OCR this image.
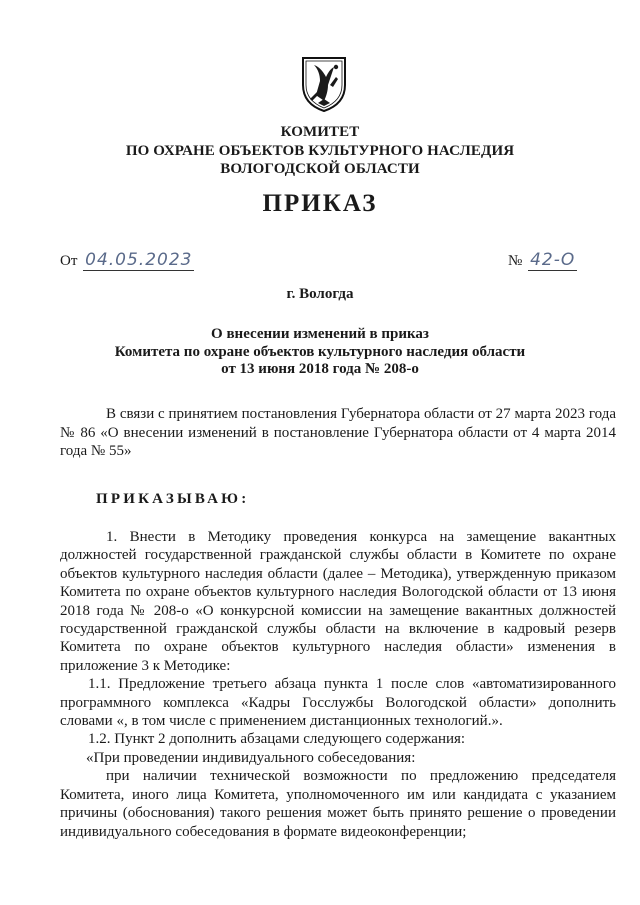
КОМИТЕТ
ПО ОХРАНЕ ОБЪЕКТОВ КУЛЬТУРНОГО НАСЛЕДИЯ
ВОЛОГОДСКОЙ ОБЛАСТИ
ПРИКАЗ
От 04.05.2023	№ 42-О
г. Вологда
О внесении изменений в приказ
Комитета по охране объектов культурного наследия области
от 13 июня 2018 года № 208-о

В связи с принятием постановления Губернатора области от 27 марта 2023 года № 86 «О внесении изменений в постановление Губернатора области от 4 марта 2014 года № 55»

ПРИКАЗЫВАЮ:

1. Внести в Методику проведения конкурса на замещение вакантных должностей государственной гражданской службы области в Комитете по охране объектов культурного наследия области (далее – Методика), утвержденную приказом Комитета по охране объектов культурного наследия Вологодской области от 13 июня 2018 года № 208-о «О конкурсной комиссии на замещение вакантных должностей государственной гражданской службы области на включение в кадровый резерв Комитета по охране объектов культурного наследия области» изменения в приложение 3 к Методике:

1.1. Предложение третьего абзаца пункта 1 после слов «автоматизированного программного комплекса «Кадры Госслужбы Вологодской области» дополнить словами «, в том числе с применением дистанционных технологий.».

1.2. Пункт 2 дополнить абзацами следующего содержания:

«При проведении индивидуального собеседования:

при наличии технической возможности по предложению председателя Комитета, иного лица Комитета, уполномоченного им или кандидата с указанием причины (обоснования) такого решения может быть принято решение о проведении индивидуального собеседования в формате видеоконференции;
